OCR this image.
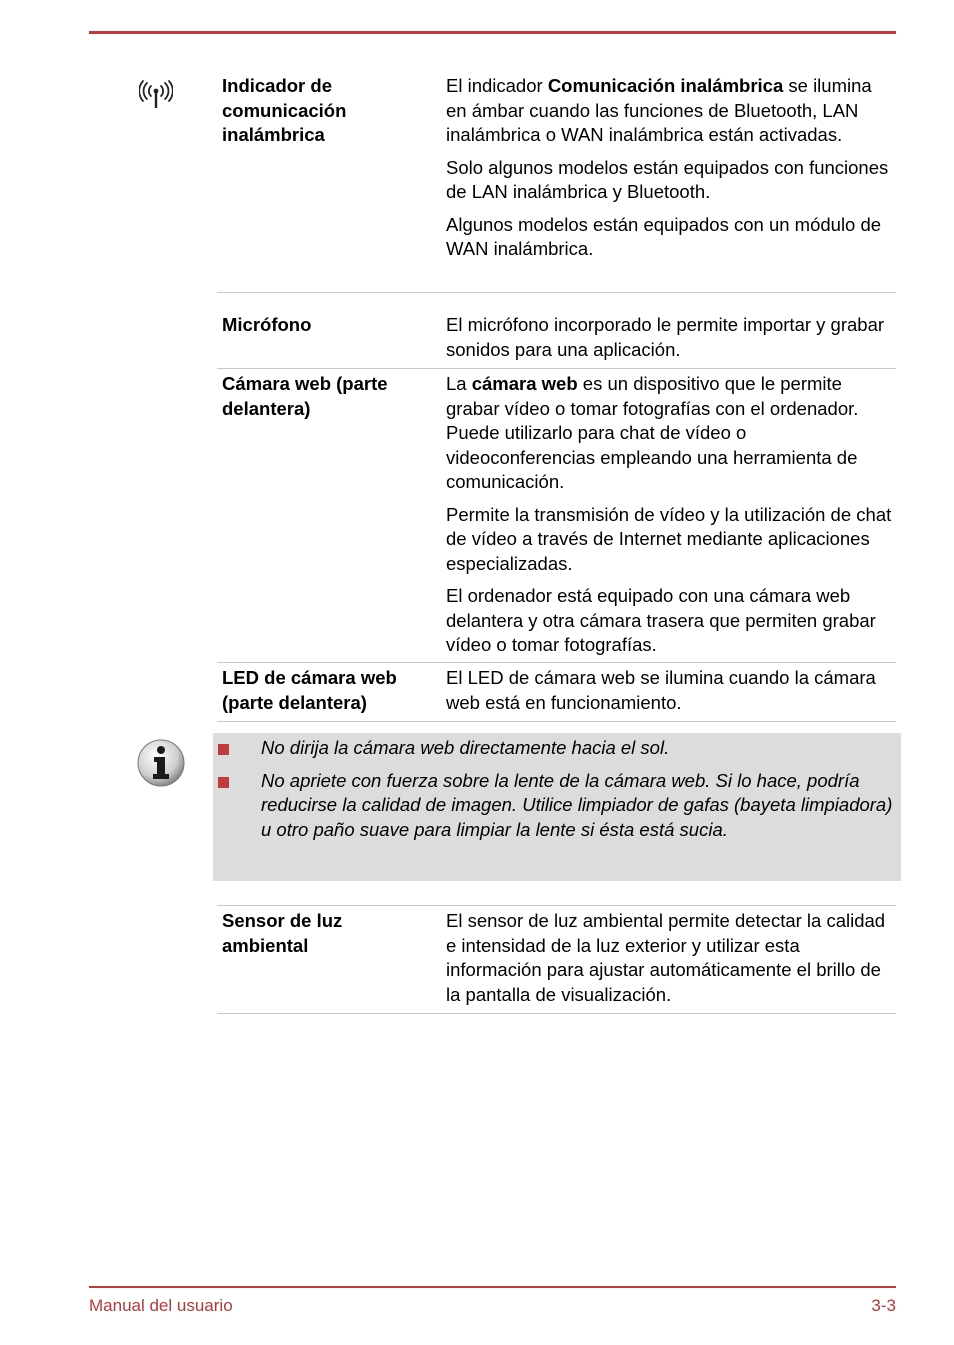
Indicador de comunicación inalámbrica

El indicador Comunicación inalámbrica se ilumina en ámbar cuando las funciones de Bluetooth, LAN inalámbrica o WAN inalámbrica están activadas.

Solo algunos modelos están equipados con funciones de LAN inalámbrica y Bluetooth.

Algunos modelos están equipados con un módulo de WAN inalámbrica.

Micrófono	El micrófono incorporado le permite importar y grabar sonidos para una aplicación.

Cámara web (parte delantera)

La cámara web es un dispositivo que le permite grabar vídeo o tomar fotografías con el ordenador. Puede utilizarlo para chat de vídeo o videoconferencias empleando una herramienta de comunicación.

Permite la transmisión de vídeo y la utilización de chat de vídeo a través de Internet mediante aplicaciones especializadas.

El ordenador está equipado con una cámara web delantera y otra cámara trasera que permiten grabar vídeo o tomar fotografías.

LED de cámara web (parte delantera)

El LED de cámara web se ilumina cuando la cámara web está en funcionamiento.

No dirija la cámara web directamente hacia el sol.
No apriete con fuerza sobre la lente de la cámara web. Si lo hace, podría reducirse la calidad de imagen. Utilice limpiador de gafas (bayeta limpiadora) u otro paño suave para limpiar la lente si ésta está sucia.
Sensor de luz ambiental

El sensor de luz ambiental permite detectar la calidad e intensidad de la luz exterior y utilizar esta información para ajustar automáticamente el brillo de la pantalla de visualización.

Manual del usuario	3-3
